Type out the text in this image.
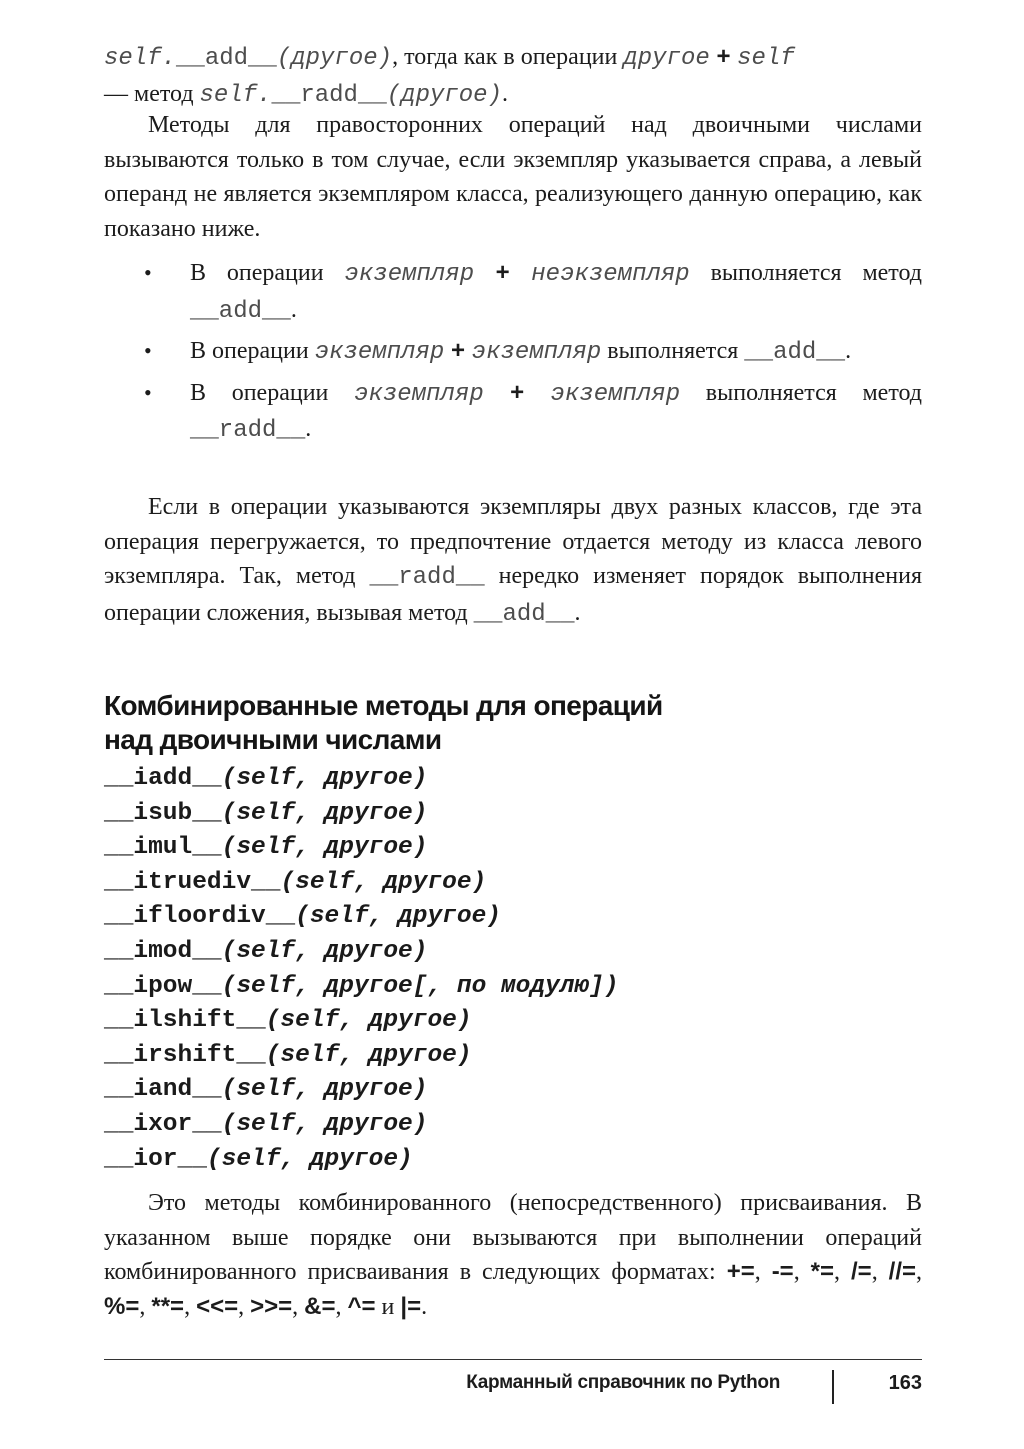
self.__add__(другое), тогда как в операции другое + self
— метод self.__radd__(другое).

Методы для правосторонних операций над двоичными числами вызываются только в том случае, если экземпляр указывается справа, а левый операнд не является экземпляром класса, реализующего данную операцию, как показано ниже.

• В операции экземпляр + неэкземпляр выполняется метод __add__.
• В операции экземпляр + экземпляр выполняется __add__.
• В операции экземпляр + экземпляр выполняется метод __radd__.

Если в операции указываются экземпляры двух разных классов, где эта операция перегружается, то предпочтение отдается методу из класса левого экземпляра. Так, метод __radd__ нередко изменяет порядок выполнения операции сложения, вызывая метод __add__.

Комбинированные методы для операций
над двоичными числами

__iadd__(self, другое)

__isub__(self, другое)

__imul__(self, другое)

__itruediv__(self, другое)

__ifloordiv__(self, другое)

__imod__(self, другое)

__ipow__(self, другое[, по модулю])

__ilshift__(self, другое)

__irshift__(self, другое)

__iand__(self, другое)

__ixor__(self, другое)

__ior__(self, другое)

Это методы комбинированного (непосредственного) присваивания. В указанном выше порядке они вызываются при выполнении операций комбинированного присваивания в следующих форматах: +=, -=, *=, /=, //=, %=, **=, <<=, >>=, &=, ^= и |=.

Карманный справочник по Python	163
